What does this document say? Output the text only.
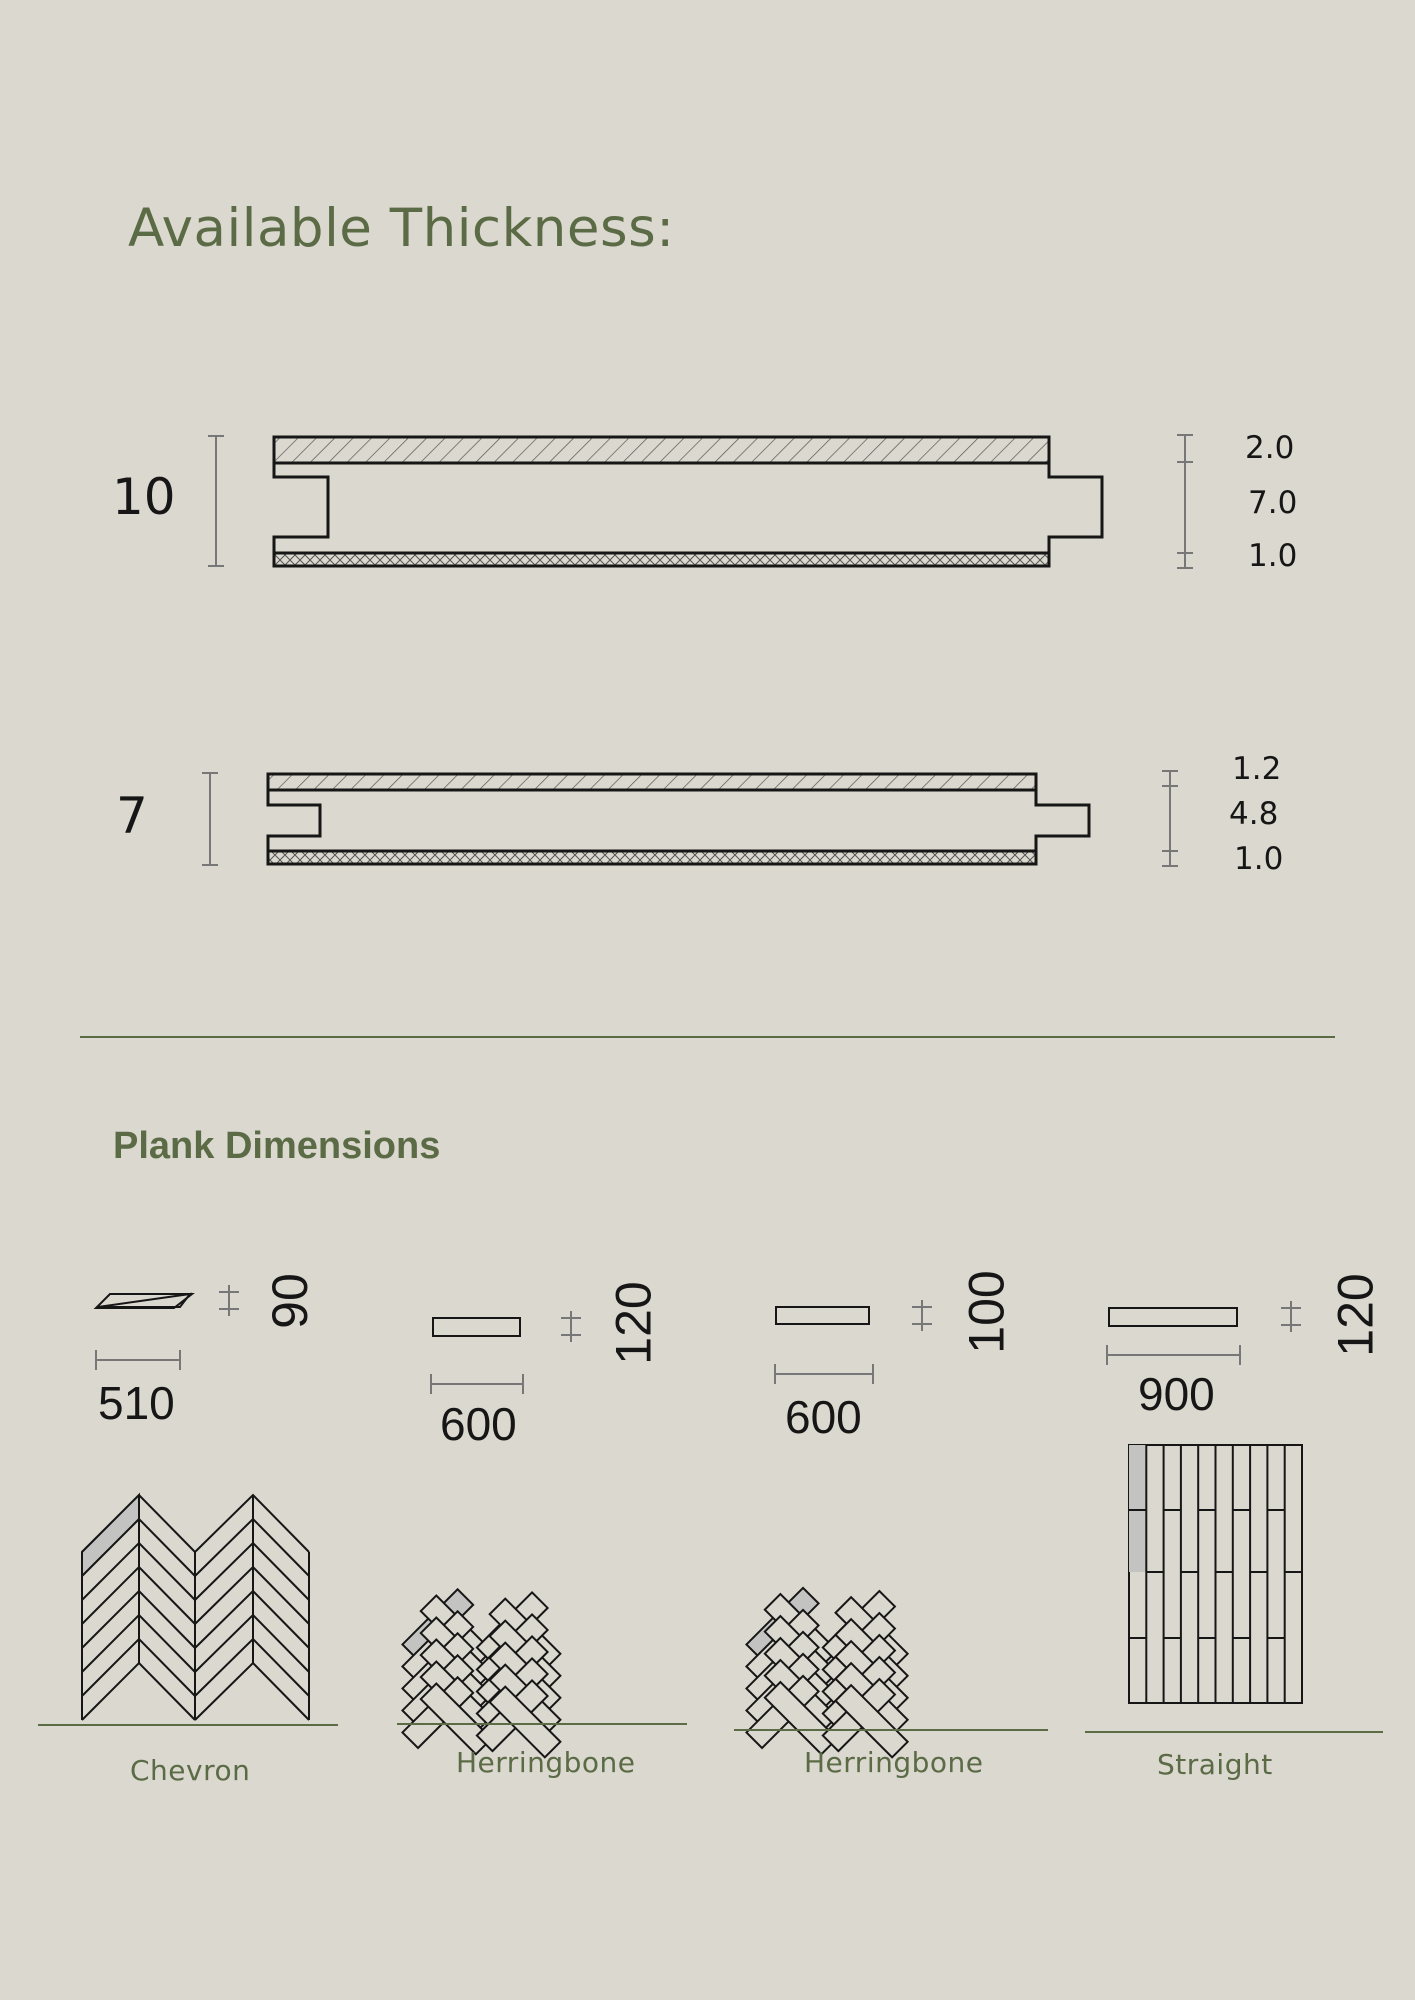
Available Thickness:
10
2.0
7.0
1.0
7
1.2
4.8
1.0
Plank Dimensions
510
90
Chevron
600
120
Herringbone
600
100
Herringbone
900
120
Straight
